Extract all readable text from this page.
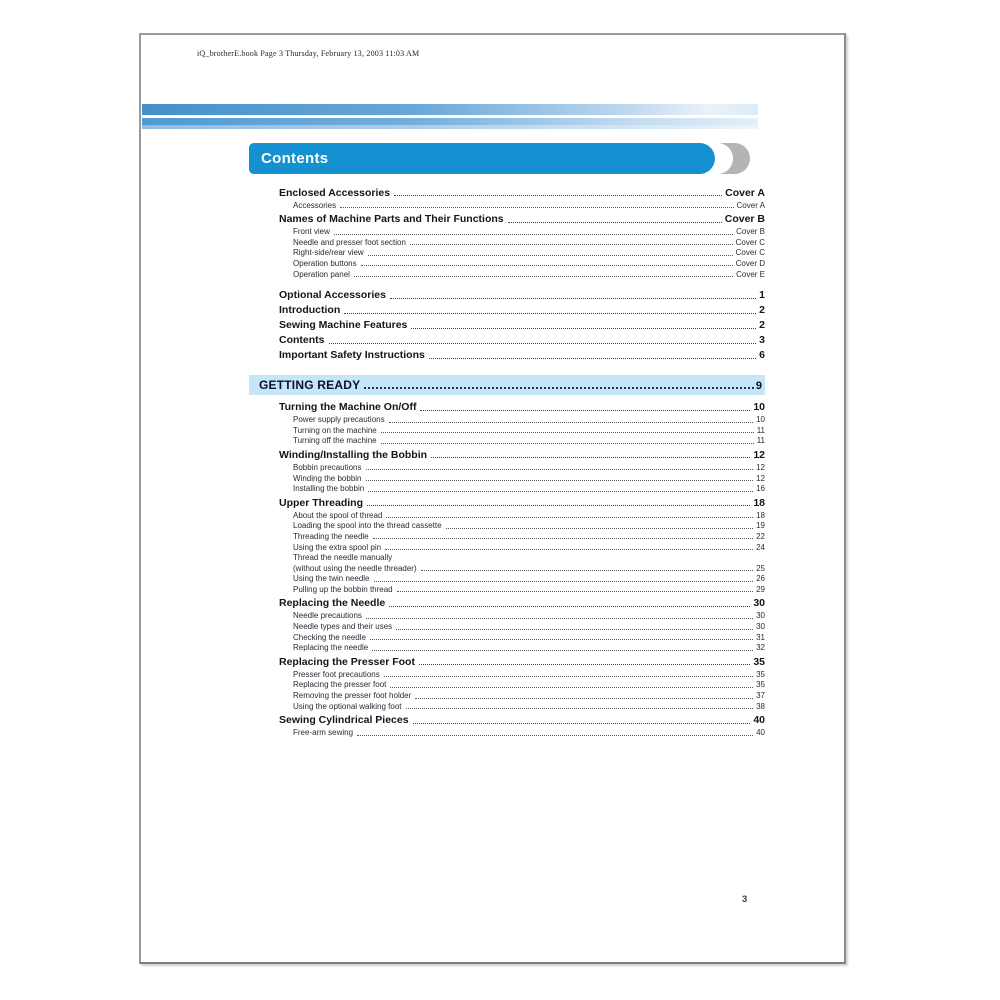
iQ_brotherE.book Page 3 Thursday, February 13, 2003 11:03 AM
Contents
Enclosed Accessories	Cover A
Accessories	Cover A
Names of Machine Parts and Their Functions	Cover B
Front view	Cover B
Needle and presser foot section	Cover C
Right-side/rear view	Cover C
Operation buttons	Cover D
Operation panel	Cover E
Optional Accessories	1
Introduction	2
Sewing Machine Features	2
Contents	3
Important Safety Instructions	6
GETTING READY	9
Turning the Machine On/Off	10
Power supply precautions	10
Turning on the machine	11
Turning off the machine	11
Winding/Installing the Bobbin	12
Bobbin precautions	12
Winding the bobbin	12
Installing the bobbin	16
Upper Threading	18
About the spool of thread	18
Loading the spool into the thread cassette	19
Threading the needle	22
Using the extra spool pin	24
Thread the needle manually
(without using the needle threader)	25
Using the twin needle	26
Pulling up the bobbin thread	29
Replacing the Needle	30
Needle precautions	30
Needle types and their uses	30
Checking the needle	31
Replacing the needle	32
Replacing the Presser Foot	35
Presser foot precautions	35
Replacing the presser foot	35
Removing the presser foot holder	37
Using the optional walking foot	38
Sewing Cylindrical Pieces	40
Free-arm sewing	40
3
